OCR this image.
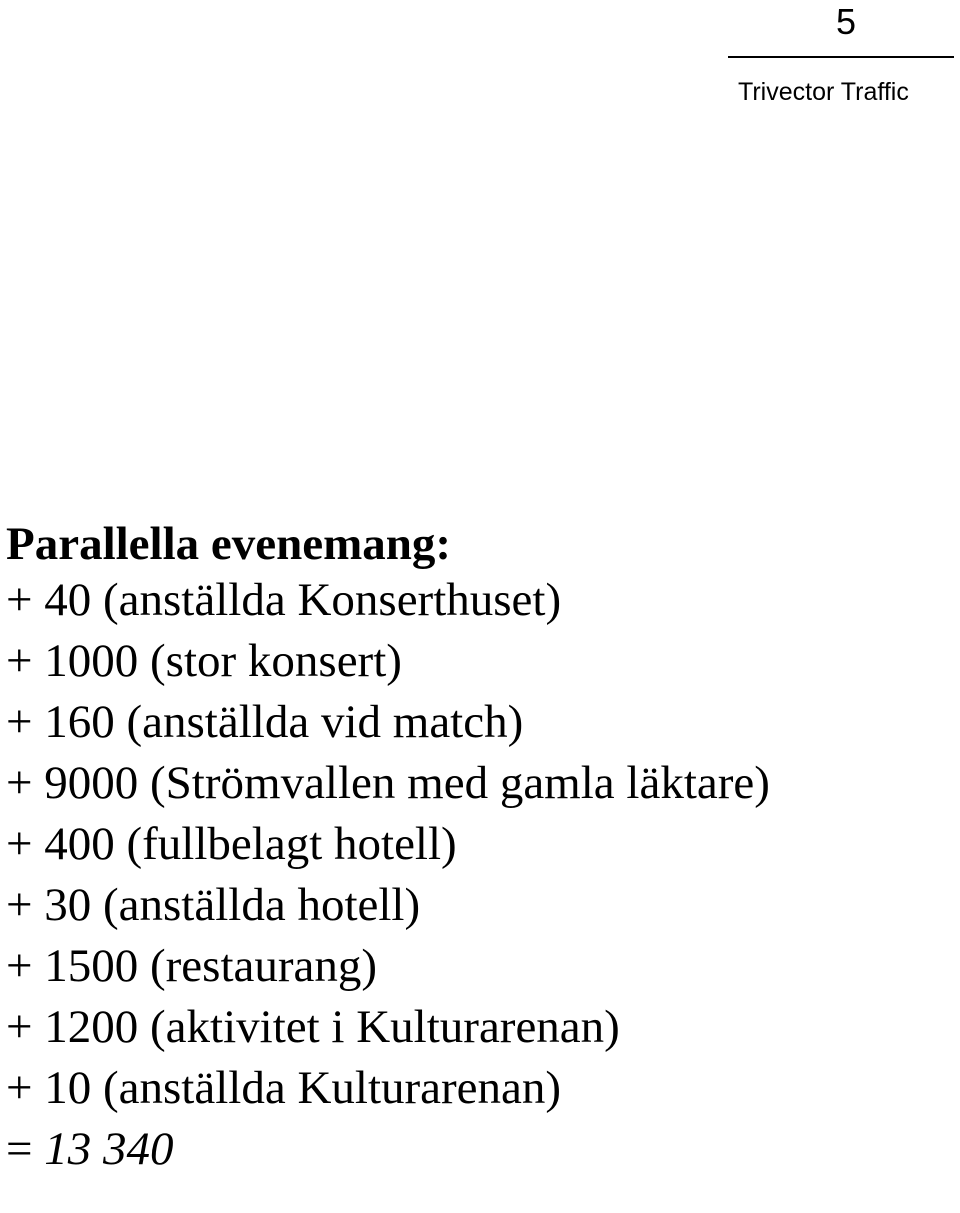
5
Trivector Traffic
Parallella evenemang:
+ 40 (anställda Konserthuset)
+ 1000 (stor konsert)
+ 160 (anställda vid match)
+ 9000 (Strömvallen med gamla läktare)
+ 400 (fullbelagt hotell)
+ 30 (anställda hotell)
+ 1500 (restaurang)
+ 1200 (aktivitet i Kulturarenan)
+ 10 (anställda Kulturarenan)
= 13 340
